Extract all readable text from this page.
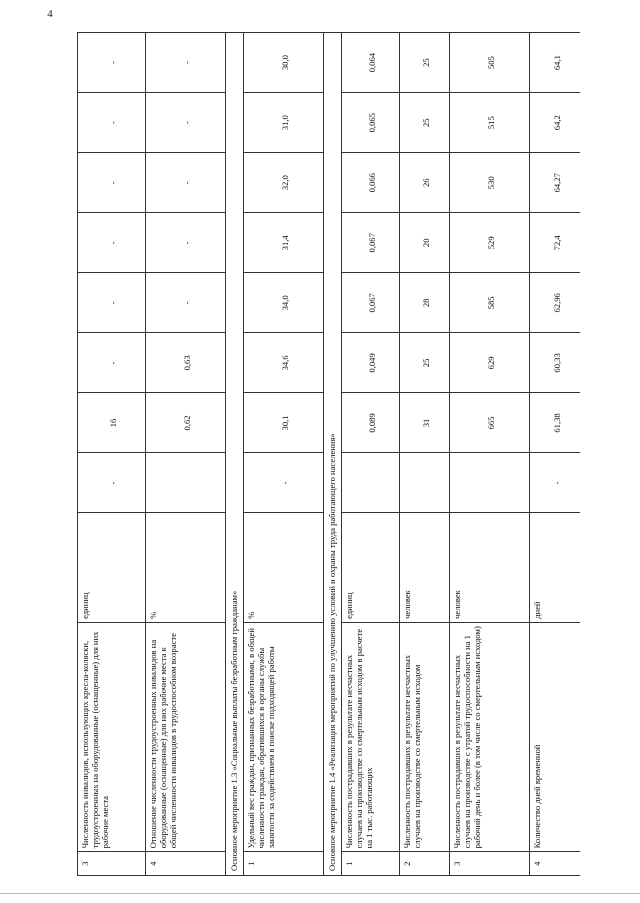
4
3	Численность инвалидов, использующих кресла-коляски, трудоустроенных на оборудованные (оснащенные) для них рабочие места	единиц	-	16	-	-	-	-	-	-
4	Отношение численности трудоустроенных инвалидов на оборудованные (оснащенные) для них рабочие места к общей численности инвалидов в трудоспособном возрасте	%		0,62	0,63	-	-	-	-	-
Основное мероприятие 1.3 «Социальные выплаты безработным гражданам»										
1	Удельный вес граждан, признанных безработными, в общей численности граждан, обратившихся в органы службы занятости за содействием в поиске подходящей работы	%	-	30,1	34,6	34,0	31,4	32,0	31,0	30,0
Основное мероприятие 1.4 «Реализация мероприятий по улучшению условий и охраны труда работающего населения»										
1	Численность пострадавших в результате несчастных случаев на производстве со смертельным исходом в расчете на 1 тыс. работающих	единиц		0,089	0,049	0,067	0,067	0,066	0,065	0,064
2	Численность пострадавших в результате несчастных случаев на производстве со смертельным исходом	человек		31	25	28	20	26	25	25
3	Численность пострадавших в результате несчастных случаев на производстве с утратой трудоспособности на 1 рабочий день и более (в том числе со смертельным исходом)	человек		665	629	585	529	530	515	505
4	Количество дней временной	дней	-	61,38	60,33	62,96	72,4	64,27	64,2	64,1
